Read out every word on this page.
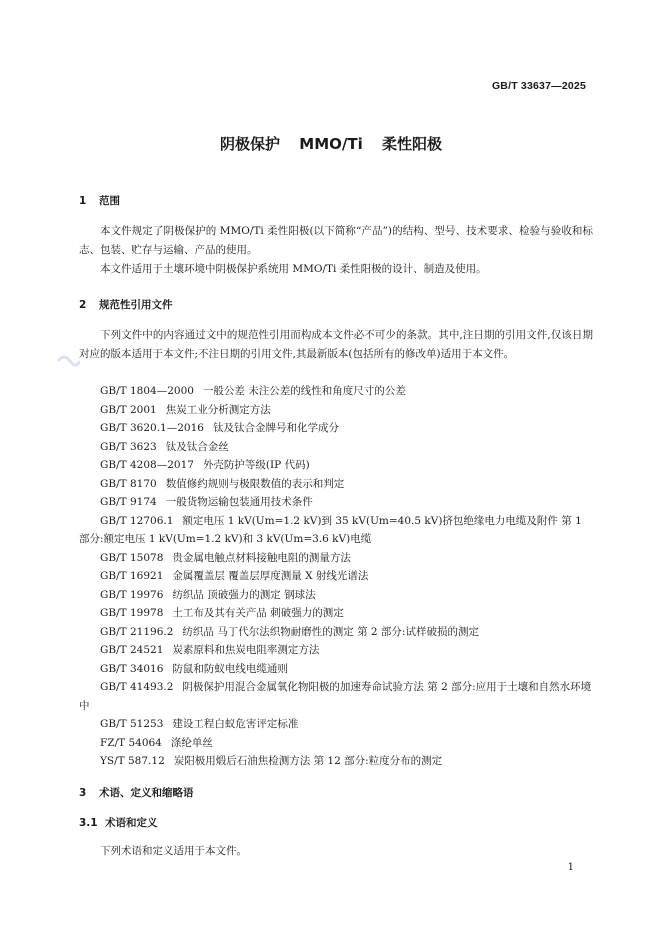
GB/T 33637—2025
阴极保护 MMO/Ti 柔性阳极
1 范围

本文件规定了阴极保护的 MMO/Ti 柔性阳极(以下简称“产品”)的结构、型号、技术要求、检验与验收和标志、包装、贮存与运输、产品的使用。

本文件适用于土壤环境中阴极保护系统用 MMO/Ti 柔性阳极的设计、制造及使用。

2 规范性引用文件

下列文件中的内容通过文中的规范性引用而构成本文件必不可少的条款。其中,注日期的引用文件,仅该日期对应的版本适用于本文件;不注日期的引用文件,其最新版本(包括所有的修改单)适用于本文件。

GB/T 1804—2000 一般公差 未注公差的线性和角度尺寸的公差
GB/T 2001 焦炭工业分析测定方法
GB/T 3620.1—2016 钛及钛合金牌号和化学成分
GB/T 3623 钛及钛合金丝
GB/T 4208—2017 外壳防护等级(IP 代码)
GB/T 8170 数值修约规则与极限数值的表示和判定
GB/T 9174 一般货物运输包装通用技术条件
GB/T 12706.1 额定电压 1 kV(Um=1.2 kV)到 35 kV(Um=40.5 kV)挤包绝缘电力电缆及附件 第 1 部分:额定电压 1 kV(Um=1.2 kV)和 3 kV(Um=3.6 kV)电缆
GB/T 15078 贵金属电触点材料接触电阻的测量方法
GB/T 16921 金属覆盖层 覆盖层厚度测量 X 射线光谱法
GB/T 19976 纺织品 顶破强力的测定 钢球法
GB/T 19978 土工布及其有关产品 刺破强力的测定
GB/T 21196.2 纺织品 马丁代尔法织物耐磨性的测定 第 2 部分:试样破损的测定
GB/T 24521 炭素原料和焦炭电阻率测定方法
GB/T 34016 防鼠和防蚁电线电缆通则
GB/T 41493.2 阴极保护用混合金属氧化物阳极的加速寿命试验方法 第 2 部分:应用于土壤和自然水环境中
GB/T 51253 建设工程白蚁危害评定标准
FZ/T 54064 涤纶单丝
YS/T 587.12 炭阳极用煅后石油焦检测方法 第 12 部分:粒度分布的测定
3 术语、定义和缩略语
3.1 术语和定义

下列术语和定义适用于本文件。

1
